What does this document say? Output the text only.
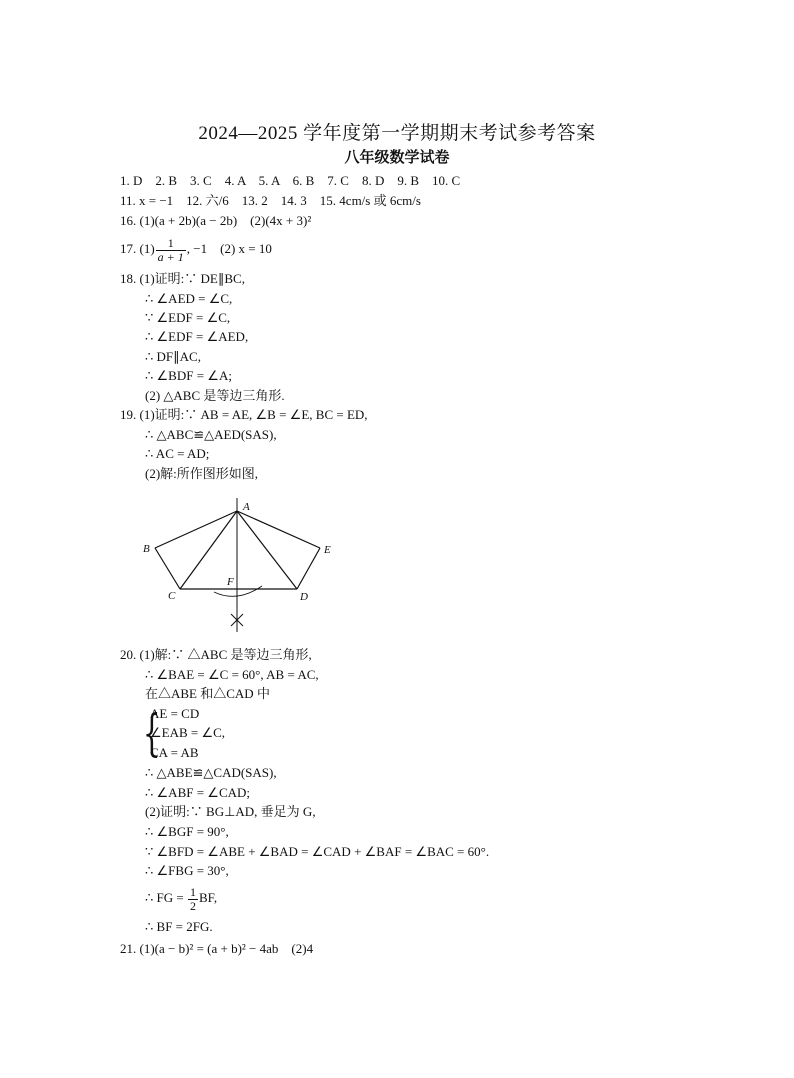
2024—2025 学年度第一学期期末考试参考答案
八年级数学试卷
1. D　2. B　3. C　4. A　5. A　6. B　7. C　8. D　9. B　10. C
11. x = −1　12. 六/6　13. 2　14. 3　15. 4cm/s 或 6cm/s
16. (1)(a + 2b)(a − 2b)　(2)(4x + 3)²
17. $(1) \frac{1}{a + 1}$ , −1　(2) x = 10
18. (1)证明:∵ DE∥BC,
∴ ∠AED = ∠C,
∵ ∠EDF = ∠C,
∴ ∠EDF = ∠AED,
∴ DF∥AC,
∴ ∠BDF = ∠A;
(2) △ABC 是等边三角形.
19. (1)证明:∵ AB = AE, ∠B = ∠E, BC = ED,
∴ △ABC≌△AED(SAS),
∴ AC = AD;
(2)解:所作图形如图,
A
B
C	D
E
F
20. (1)解:∵ △ABC 是等边三角形,
∴ ∠BAE = ∠C = 60°, AB = AC,
在△ABE 和△CAD 中
{
AE = CD
∠EAB = ∠C,
CA = AB
∴ △ABE≌△CAD(SAS),
∴ ∠ABF = ∠CAD;
(2)证明:∵ BG⊥AD, 垂足为 G,
∴ ∠BGF = 90°,
∵ ∠BFD = ∠ABE + ∠BAD = ∠CAD + ∠BAF = ∠BAC = 60°.
∴ ∠FBG = 30°,
∴ FG = $\frac{1}{2}$ BF,
∴ BF = 2FG.
21. (1)(a − b)² = (a + b)² − 4ab　(2)4
